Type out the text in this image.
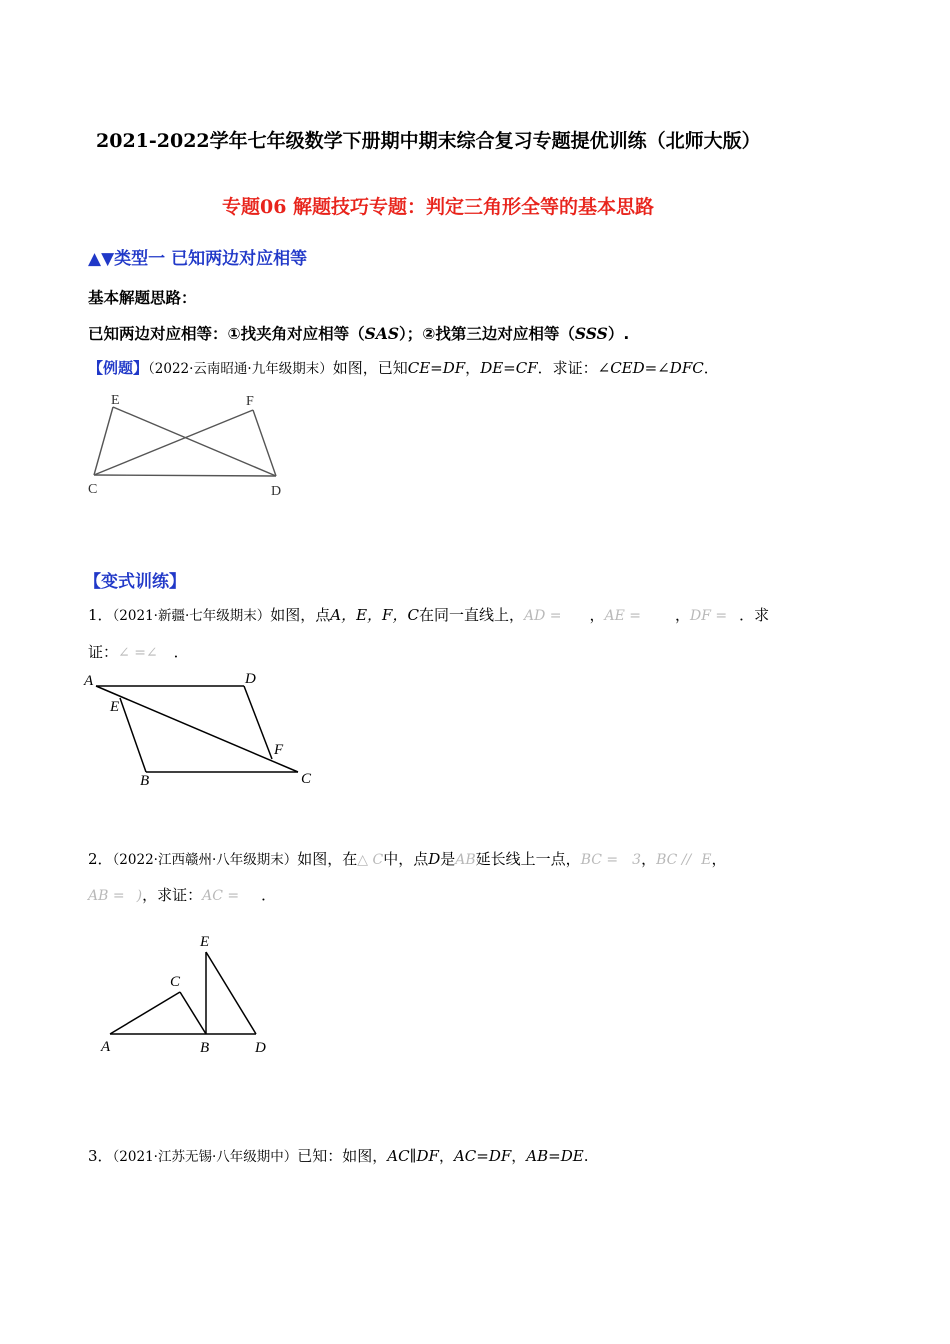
2021-2022学年七年级数学下册期中期末综合复习专题提优训练（北师大版）
专题06 解题技巧专题：判定三角形全等的基本思路
▲▼类型一 已知两边对应相等
基本解题思路：
已知两边对应相等：①找夹角对应相等（SAS）；②找第三边对应相等（SSS）.
【例题】（2022·云南昭通·九年级期末）如图，已知CE=DF，DE=CF．求证：∠CED=∠DFC．
E	F
C	D
【变式训练】
1．（2021·新疆·七年级期末）如图，点A，E，F，C在同一直线上，AD = ，AE = ，DF = ．求
证：∠ =∠ ．
A	D
E
F
B	C
2．（2022·江西赣州·八年级期末）如图，在△ C中，点D是AB延长线上一点，BC = 3，BC // E，
AB = )，求证：AC = ．
E
C
A	B	D
3．（2021·江苏无锡·八年级期中）已知：如图，AC∥DF，AC=DF，AB=DE.
